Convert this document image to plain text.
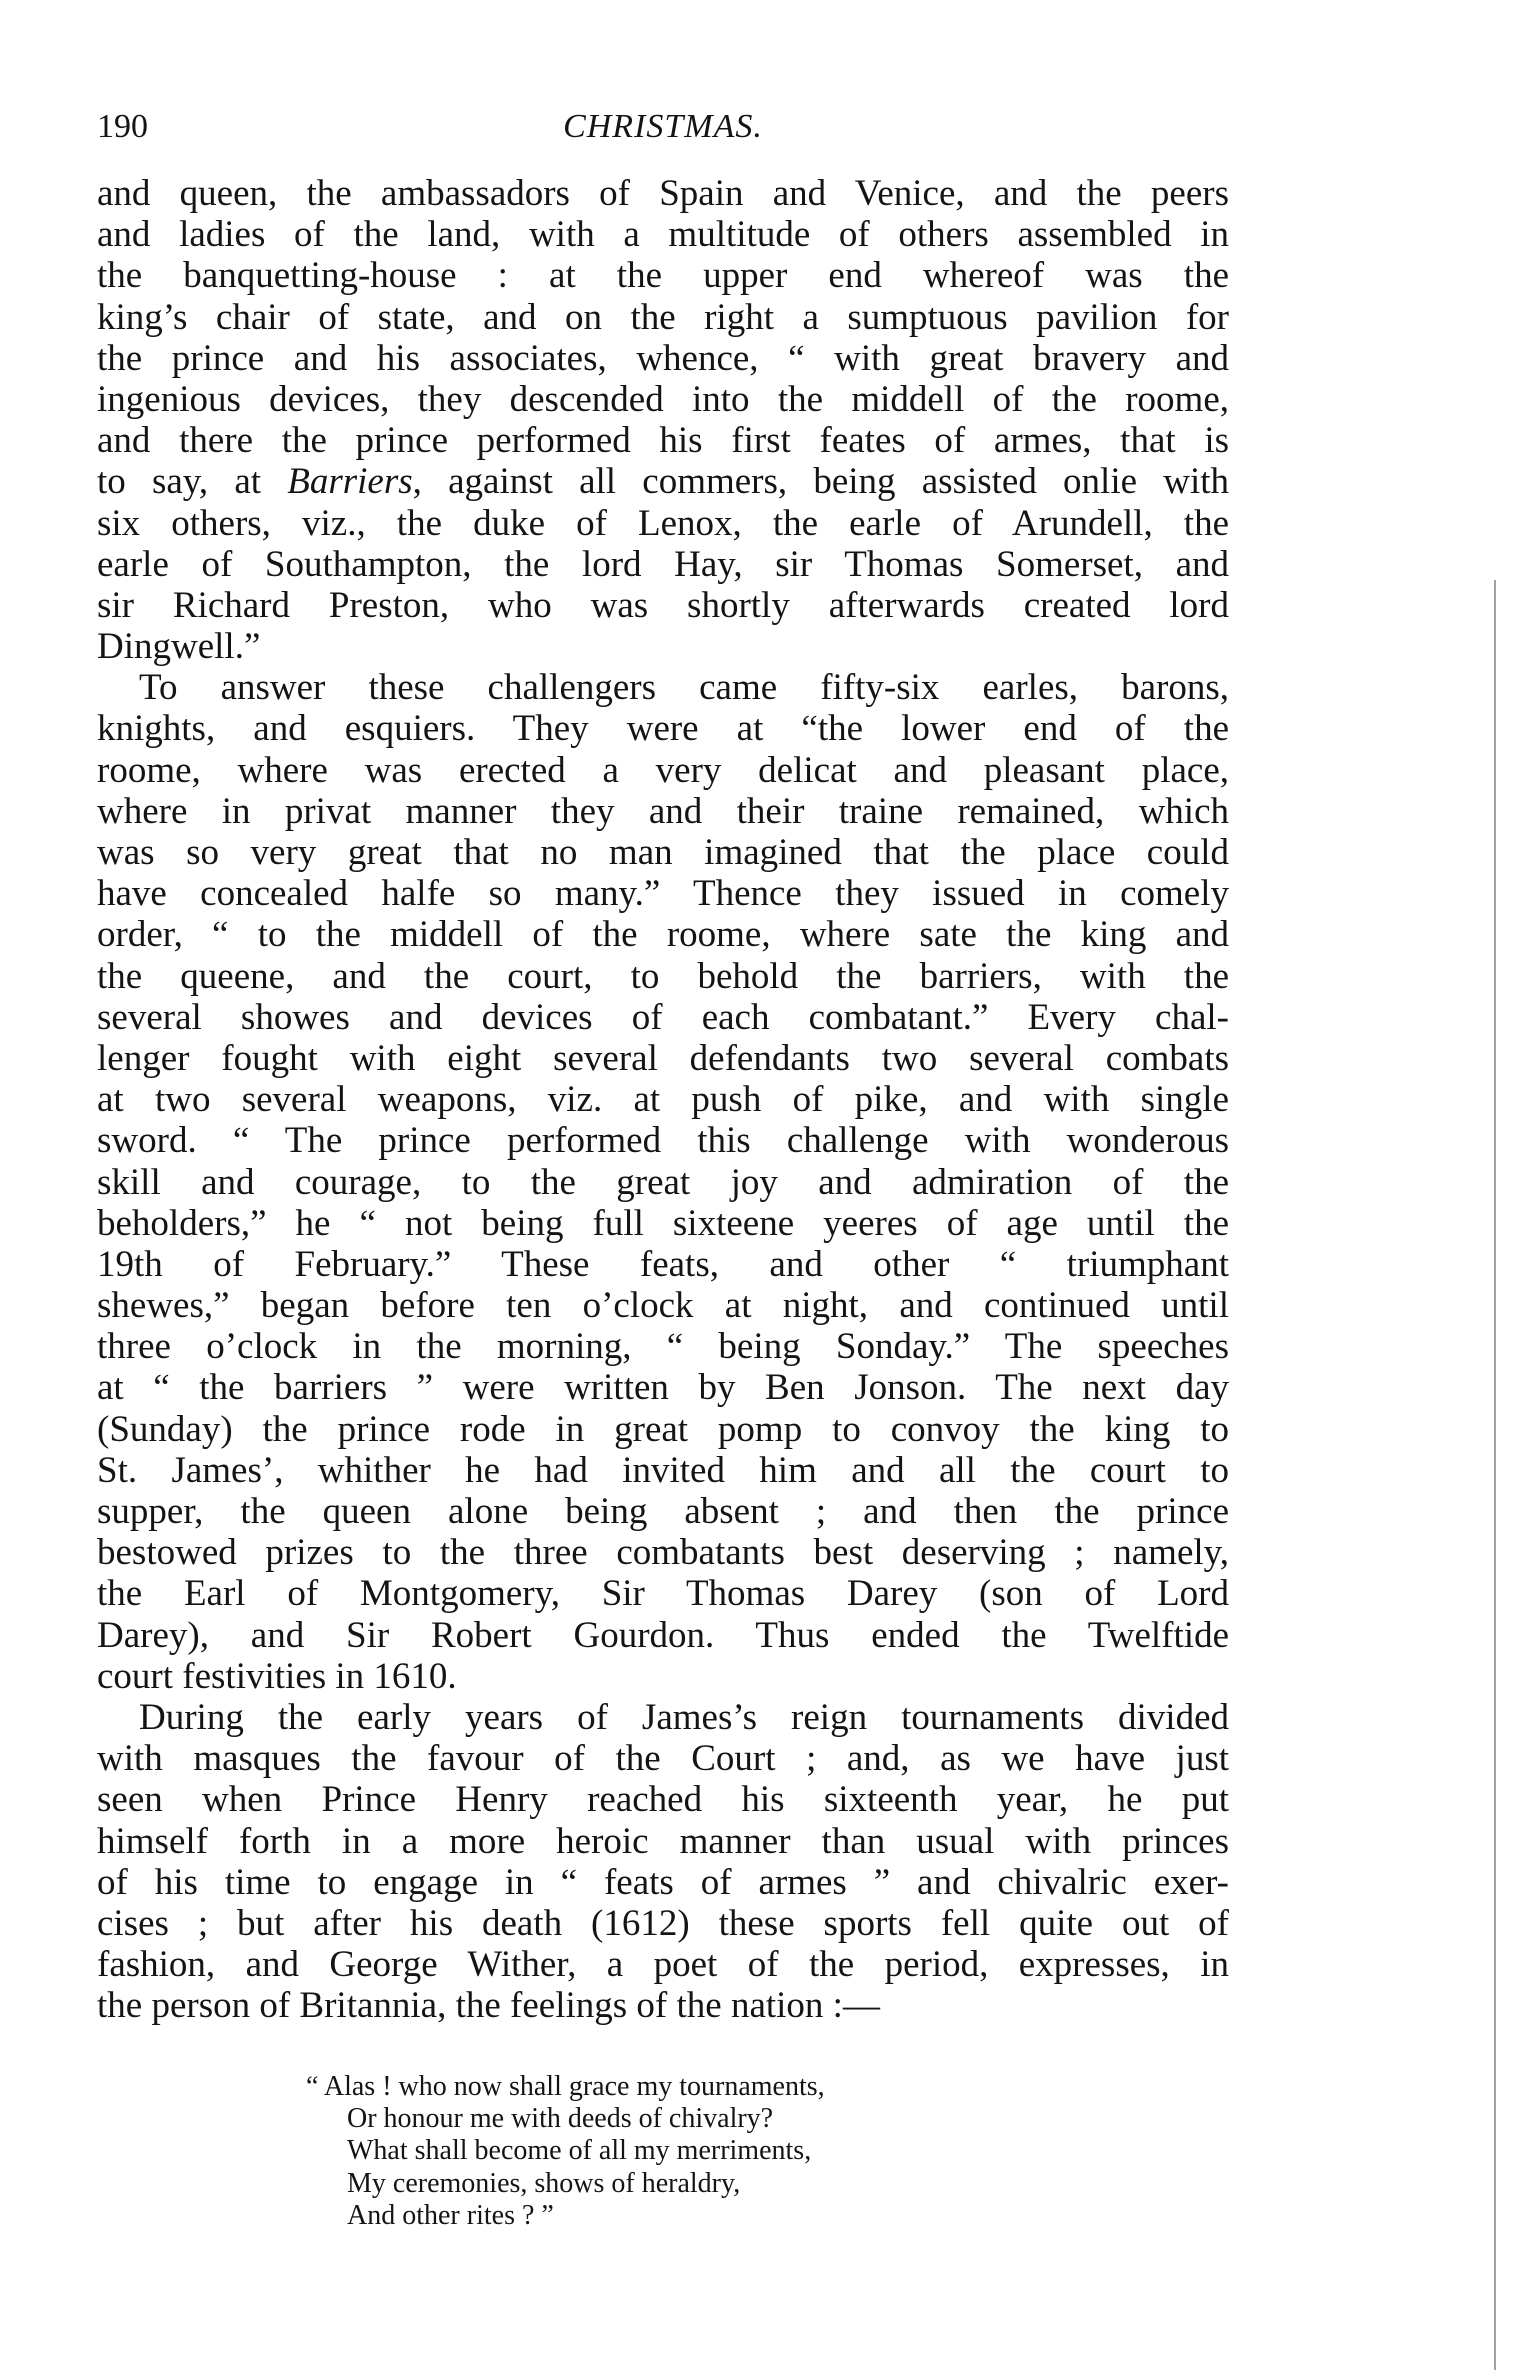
190	CHRISTMAS.
and queen, the ambassadors of Spain and Venice, and the peers
and ladies of the land, with a multitude of others assembled in
the banquetting-house : at the upper end whereof was the
king’s chair of state, and on the right a sumptuous pavilion for
the prince and his associates, whence, “ with great bravery and
ingenious devices, they descended into the middell of the roome,
and there the prince performed his first feates of armes, that is
to say, at Barriers, against all commers, being assisted onlie with
six others, viz., the duke of Lenox, the earle of Arundell, the
earle of Southampton, the lord Hay, sir Thomas Somerset, and
sir Richard Preston, who was shortly afterwards created lord
Dingwell.”
To answer these challengers came fifty-six earles, barons,
knights, and esquiers. They were at “the lower end of the
roome, where was erected a very delicat and pleasant place,
where in privat manner they and their traine remained, which
was so very great that no man imagined that the place could
have concealed halfe so many.” Thence they issued in comely
order, “ to the middell of the roome, where sate the king and
the queene, and the court, to behold the barriers, with the
several showes and devices of each combatant.” Every chal-
lenger fought with eight several defendants two several combats
at two several weapons, viz. at push of pike, and with single
sword. “ The prince performed this challenge with wonderous
skill and courage, to the great joy and admiration of the
beholders,” he “ not being full sixteene yeeres of age until the
19th of February.” These feats, and other “ triumphant
shewes,” began before ten o’clock at night, and continued until
three o’clock in the morning, “ being Sonday.” The speeches
at “ the barriers ” were written by Ben Jonson. The next day
(Sunday) the prince rode in great pomp to convoy the king to
St. James’, whither he had invited him and all the court to
supper, the queen alone being absent ; and then the prince
bestowed prizes to the three combatants best deserving ; namely,
the Earl of Montgomery, Sir Thomas Darey (son of Lord
Darey), and Sir Robert Gourdon. Thus ended the Twelftide
court festivities in 1610.
During the early years of James’s reign tournaments divided
with masques the favour of the Court ; and, as we have just
seen when Prince Henry reached his sixteenth year, he put
himself forth in a more heroic manner than usual with princes
of his time to engage in “ feats of armes ” and chivalric exer-
cises ; but after his death (1612) these sports fell quite out of
fashion, and George Wither, a poet of the period, expresses, in
the person of Britannia, the feelings of the nation :—
“ Alas ! who now shall grace my tournaments,
Or honour me with deeds of chivalry?
What shall become of all my merriments,
My ceremonies, shows of heraldry,
And other rites ? ”
